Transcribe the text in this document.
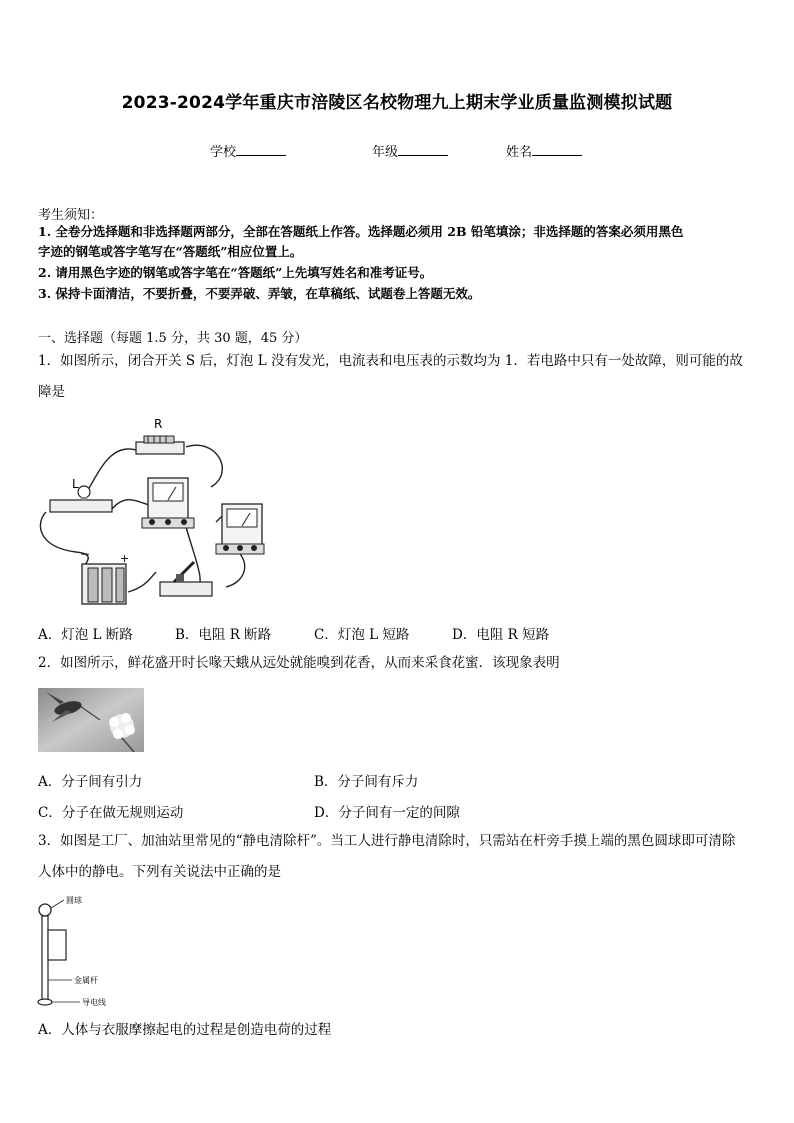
2023-2024学年重庆市涪陵区名校物理九上期末学业质量监测模拟试题
学校	年级	姓名
考生须知：
1. 全卷分选择题和非选择题两部分，全部在答题纸上作答。选择题必须用 2B 铅笔填涂；非选择题的答案必须用黑色
字迹的钢笔或答字笔写在“答题纸”相应位置上。
2. 请用黑色字迹的钢笔或答字笔在“答题纸”上先填写姓名和准考证号。
3. 保持卡面清洁，不要折叠，不要弄破、弄皱，在草稿纸、试题卷上答题无效。
一、选择题（每题 1.5 分，共 30 题，45 分）
1．如图所示，闭合开关 S 后，灯泡 L 没有发光，电流表和电压表的示数均为 1．若电路中只有一处故障，则可能的故
障是
R
L
−	+
A．灯泡 L 断路	B．电阻 R 断路	C．灯泡 L 短路	D．电阻 R 短路
2．如图所示，鲜花盛开时长喙天蛾从远处就能嗅到花香，从而来采食花蜜．该现象表明
A．分子间有引力	B．分子间有斥力
C．分子在做无规则运动	D．分子间有一定的间隙
3．如图是工厂、加油站里常见的“静电清除杆”。当工人进行静电清除时，只需站在杆旁手摸上端的黑色圆球即可清除
人体中的静电。下列有关说法中正确的是
圆球
金属杆
导电线
A．人体与衣服摩擦起电的过程是创造电荷的过程
